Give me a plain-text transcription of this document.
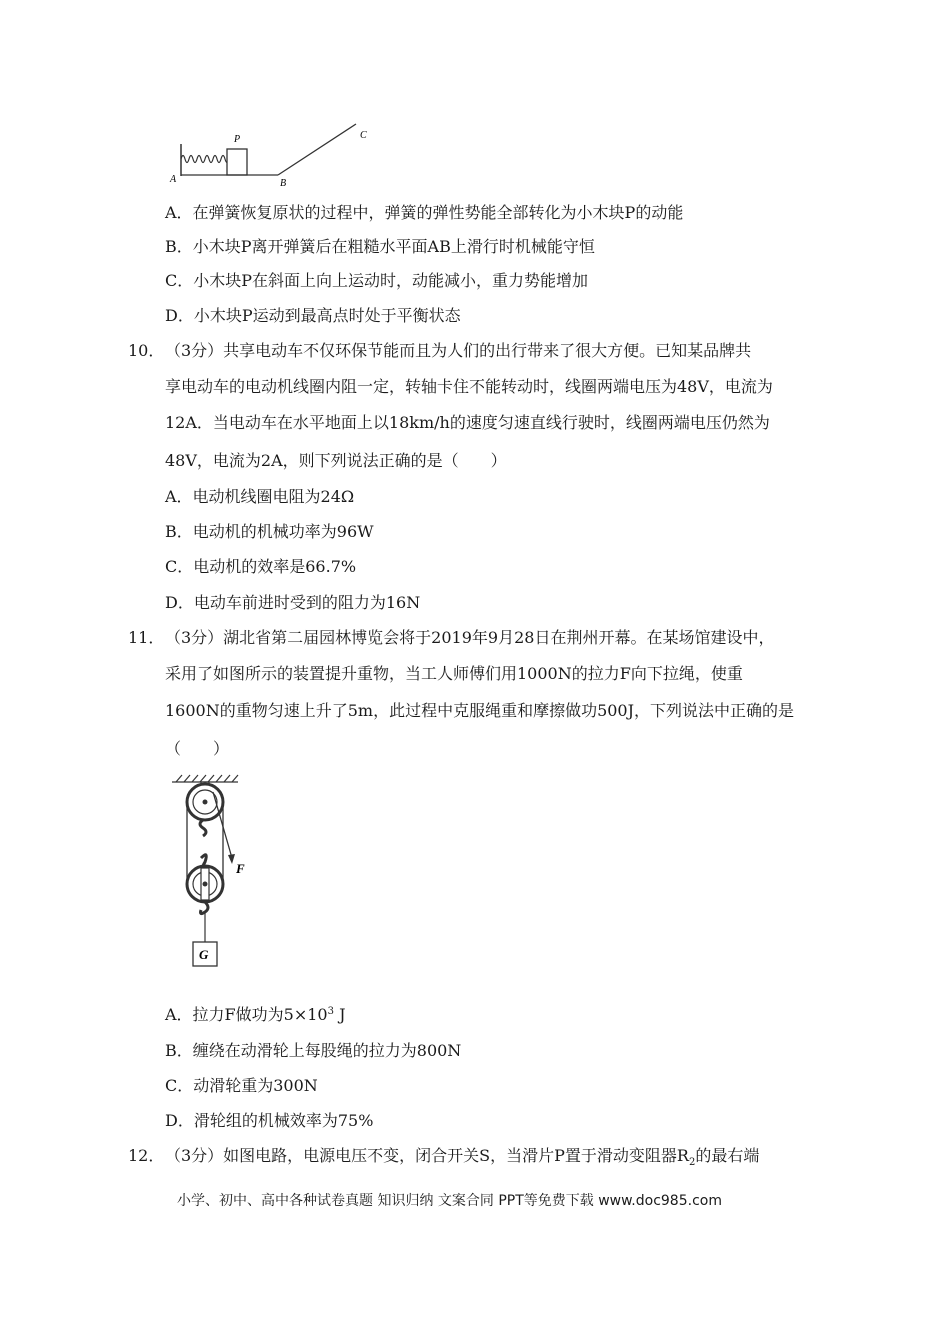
A
P
B
C
A．在弹簧恢复原状的过程中，弹簧的弹性势能全部转化为小木块P的动能
B．小木块P离开弹簧后在粗糙水平面AB上滑行时机械能守恒
C．小木块P在斜面上向上运动时，动能减小，重力势能增加
D．小木块P运动到最高点时处于平衡状态
10． （3分）共享电动车不仅环保节能而且为人们的出行带来了很大方便。已知某品牌共
享电动车的电动机线圈内阻一定，转轴卡住不能转动时，线圈两端电压为48V，电流为
12A．当电动车在水平地面上以18km/h的速度匀速直线行驶时，线圈两端电压仍然为
48V，电流为2A，则下列说法正确的是（　　）
A．电动机线圈电阻为24Ω
B．电动机的机械功率为96W
C．电动机的效率是66.7%
D．电动车前进时受到的阻力为16N
11． （3分）湖北省第二届园林博览会将于2019年9月28日在荆州开幕。在某场馆建设中，
采用了如图所示的装置提升重物，当工人师傅们用1000N的拉力F向下拉绳，使重
1600N的重物匀速上升了5m，此过程中克服绳重和摩擦做功500J，下列说法中正确的是
（　　）
F
G
A．拉力F做功为$5\times 10^3$ J
B．缠绕在动滑轮上每股绳的拉力为800N
C．动滑轮重为300N
D．滑轮组的机械效率为75%
12． （3分）如图电路，电源电压不变，闭合开关S，当滑片P置于滑动变阻器$R_2$的最右端
小学、初中、高中各种试卷真题 知识归纳 文案合同 PPT等免费下载 www.doc985.com
